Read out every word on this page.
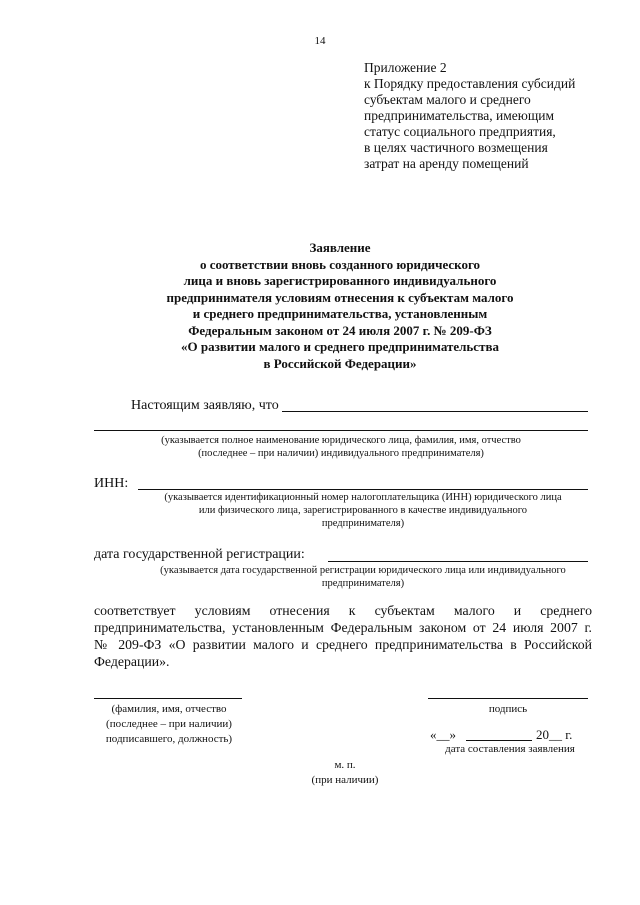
14
Приложение 2
к Порядку предоставления субсидий
субъектам малого и среднего
предпринимательства, имеющим
статус социального предприятия,
в целях частичного возмещения
затрат на аренду помещений
Заявление
о соответствии вновь созданного юридического
лица и вновь зарегистрированного индивидуального
предпринимателя условиям отнесения к субъектам малого
и среднего предпринимательства, установленным
Федеральным законом от 24 июля 2007 г. № 209-ФЗ
«О развитии малого и среднего предпринимательства
в Российской Федерации»
Настоящим заявляю, что
(указывается полное наименование юридического лица, фамилия, имя, отчество
(последнее – при наличии) индивидуального предпринимателя)
ИНН:
(указывается идентификационный номер налогоплательщика (ИНН) юридического лица
или физического лица, зарегистрированного в качестве индивидуального
предпринимателя)
дата государственной регистрации:
(указывается дата государственной регистрации юридического лица или индивидуального
предпринимателя)
соответствует условиям отнесения к субъектам малого и среднего
предпринимательства, установленным Федеральным законом от 24 июля 2007 г.
№ 209-ФЗ «О развитии малого и среднего предпринимательства в Российской
Федерации».
(фамилия, имя, отчество
(последнее – при наличии)
подписавшего, должность)
подпись
«__»	20__ г.
дата составления заявления
м. п.
(при наличии)
